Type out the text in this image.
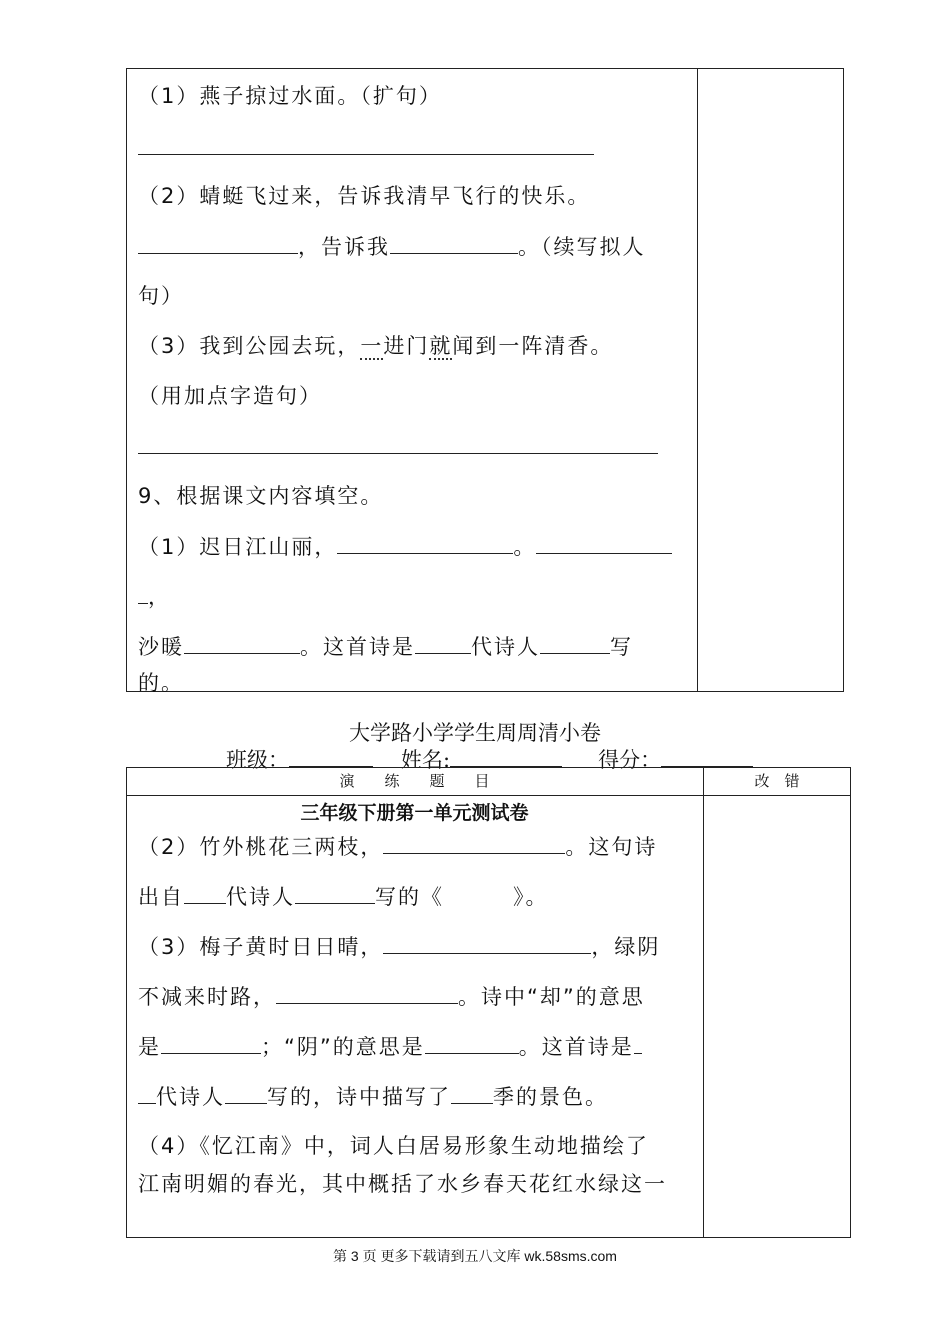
（1）燕子掠过水面。（扩句）
（2）蜻蜓飞过来，告诉我清早飞行的快乐。
，告诉我	。（续写拟人
句）
（3）我到公园去玩，一进门就闻到一阵清香。
（用加点字造句）
9、根据课文内容填空。
（1）迟日江山丽，	。
，
沙暖	。这首诗是	代诗人	写
的。
大学路小学学生周周清小卷
班级：	姓名:	得分：
演　　练　　题　　目	改　错
三年级下册第一单元测试卷
（2）竹外桃花三两枝，	。这句诗
出自 代诗人	写的《　　　》。
（3）梅子黄时日日晴，	，绿阴
不减来时路，	。诗中“却”的意思
是	；“阴”的意思是	。这首诗是
代诗人 写的，诗中描写了 季的景色。
（4）《忆江南》中，词人白居易形象生动地描绘了
江南明媚的春光，其中概括了水乡春天花红水绿这一
第 3 页 更多下载请到五八文库 wk.58sms.com
